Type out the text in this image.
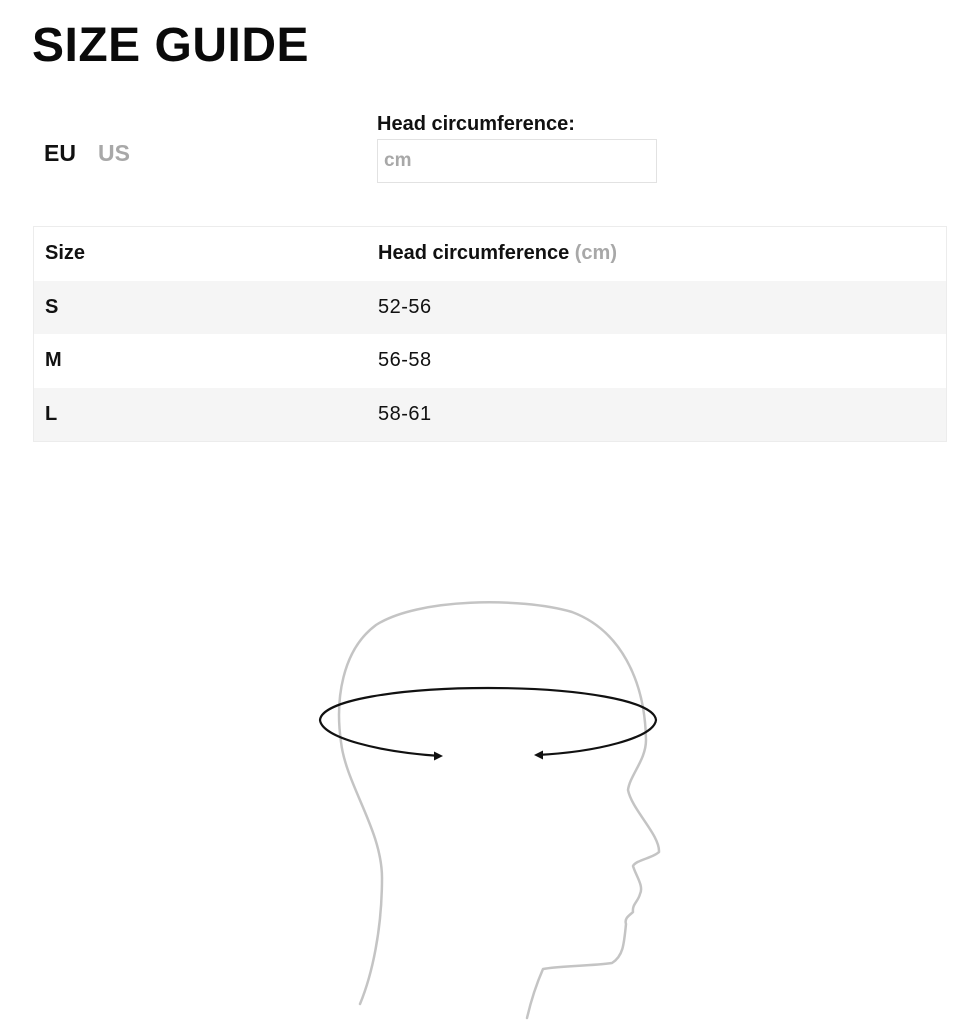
SIZE GUIDE
EU US
Head circumference:
cm
Size	Head circumference (cm)
S	52-56
M	56-58
L	58-61
